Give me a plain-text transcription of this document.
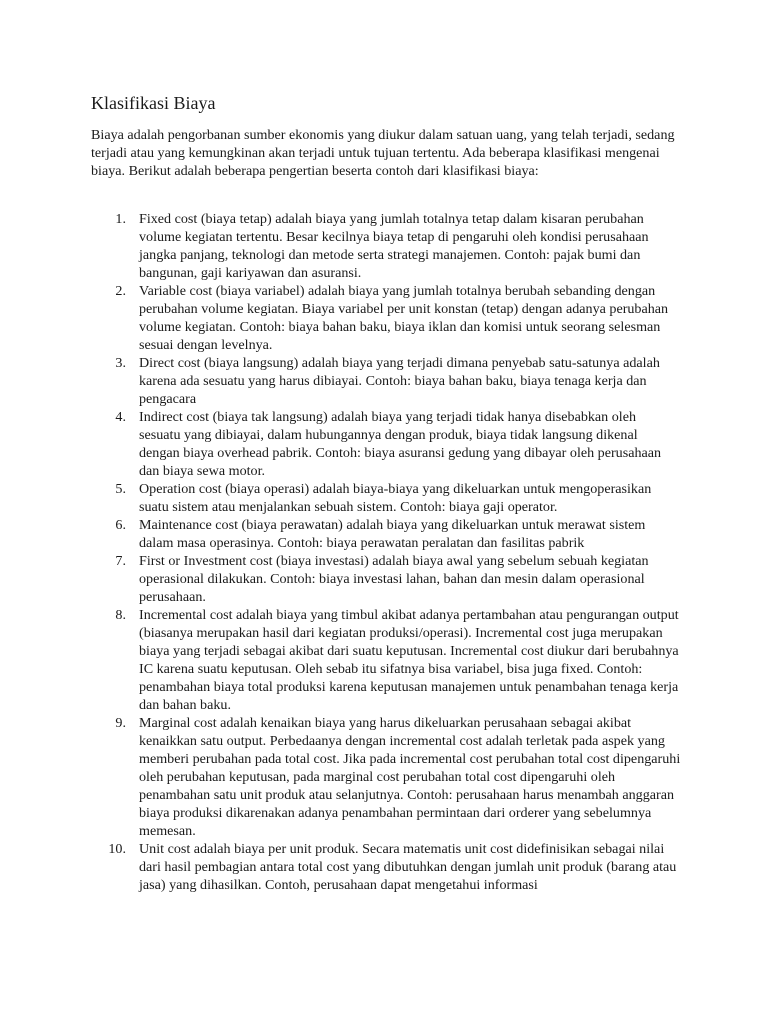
Klasifikasi Biaya

Biaya adalah pengorbanan sumber ekonomis yang diukur dalam satuan uang, yang telah terjadi, sedang terjadi atau yang kemungkinan akan terjadi untuk tujuan tertentu. Ada beberapa klasifikasi mengenai biaya. Berikut adalah beberapa pengertian beserta contoh dari klasifikasi biaya:

1. Fixed cost (biaya tetap) adalah biaya yang jumlah totalnya tetap dalam kisaran perubahan volume kegiatan tertentu. Besar kecilnya biaya tetap di pengaruhi oleh kondisi perusahaan jangka panjang, teknologi dan metode serta strategi manajemen. Contoh: pajak bumi dan bangunan, gaji kariyawan dan asuransi.
2. Variable cost (biaya variabel) adalah biaya yang jumlah totalnya berubah sebanding dengan perubahan volume kegiatan. Biaya variabel per unit konstan (tetap) dengan adanya perubahan volume kegiatan. Contoh: biaya bahan baku, biaya iklan dan komisi untuk seorang selesman sesuai dengan levelnya.
3. Direct cost (biaya langsung) adalah biaya yang terjadi dimana penyebab satu-satunya adalah karena ada sesuatu yang harus dibiayai. Contoh: biaya bahan baku, biaya tenaga kerja dan pengacara
4. Indirect cost (biaya tak langsung) adalah biaya yang terjadi tidak hanya disebabkan oleh sesuatu yang dibiayai, dalam hubungannya dengan produk, biaya tidak langsung dikenal dengan biaya overhead pabrik. Contoh: biaya asuransi gedung yang dibayar oleh perusahaan dan biaya sewa motor.
5. Operation cost (biaya operasi) adalah biaya-biaya yang dikeluarkan untuk mengoperasikan suatu sistem atau menjalankan sebuah sistem. Contoh: biaya gaji operator.
6. Maintenance cost (biaya perawatan) adalah biaya yang dikeluarkan untuk merawat sistem dalam masa operasinya. Contoh: biaya perawatan peralatan dan fasilitas pabrik
7. First or Investment cost (biaya investasi) adalah biaya awal yang sebelum sebuah kegiatan operasional dilakukan. Contoh: biaya investasi lahan, bahan dan mesin dalam operasional perusahaan.
8. Incremental cost adalah biaya yang timbul akibat adanya pertambahan atau pengurangan output (biasanya merupakan hasil dari kegiatan produksi/operasi). Incremental cost juga merupakan biaya yang terjadi sebagai akibat dari suatu keputusan. Incremental cost diukur dari berubahnya IC karena suatu keputusan. Oleh sebab itu sifatnya bisa variabel, bisa juga fixed. Contoh: penambahan biaya total produksi karena keputusan manajemen untuk penambahan tenaga kerja dan bahan baku.
9. Marginal cost adalah kenaikan biaya yang harus dikeluarkan perusahaan sebagai akibat kenaikkan satu output. Perbedaanya dengan incremental cost adalah terletak pada aspek yang memberi perubahan pada total cost. Jika pada incremental cost perubahan total cost dipengaruhi oleh perubahan keputusan, pada marginal cost perubahan total cost dipengaruhi oleh penambahan satu unit produk atau selanjutnya. Contoh: perusahaan harus menambah anggaran biaya produksi dikarenakan adanya penambahan permintaan dari orderer yang sebelumnya memesan.
10. Unit cost adalah biaya per unit produk. Secara matematis unit cost didefinisikan sebagai nilai dari hasil pembagian antara total cost yang dibutuhkan dengan jumlah unit produk (barang atau jasa) yang dihasilkan. Contoh, perusahaan dapat mengetahui informasi
